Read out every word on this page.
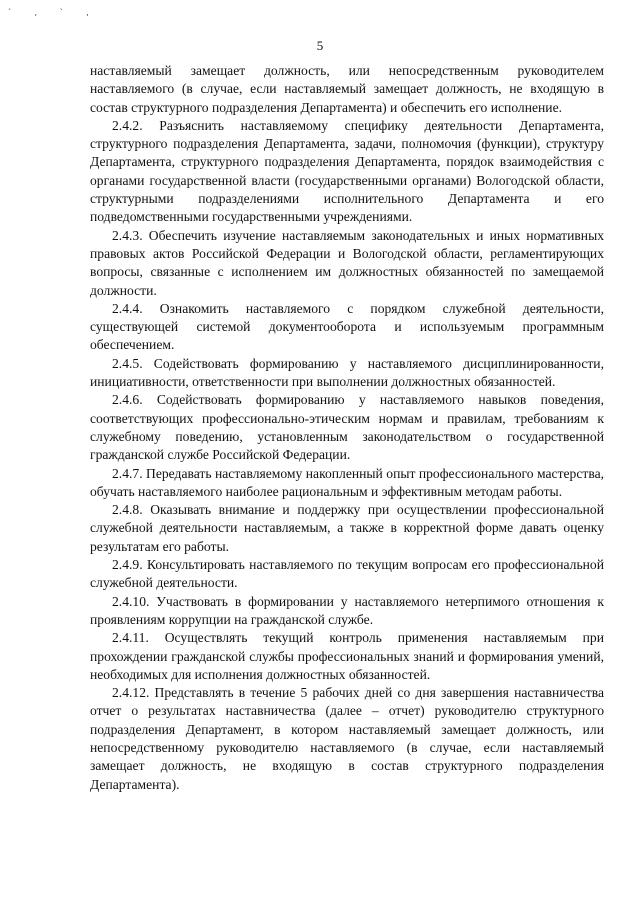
` , ` ,
5

наставляемый замещает должность, или непосредственным руководителем наставляемого (в случае, если наставляемый замещает должность, не входящую в состав структурного подразделения Департамента) и обеспечить его исполнение.

2.4.2. Разъяснить наставляемому специфику деятельности Департамента, структурного подразделения Департамента, задачи, полномочия (функции), структуру Департамента, структурного подразделения Департамента, порядок взаимодействия с органами государственной власти (государственными органами) Вологодской области, структурными подразделениями исполнительного Департамента и его подведомственными государственными учреждениями.

2.4.3. Обеспечить изучение наставляемым законодательных и иных нормативных правовых актов Российской Федерации и Вологодской области, регламентирующих вопросы, связанные с исполнением им должностных обязанностей по замещаемой должности.

2.4.4. Ознакомить наставляемого с порядком служебной деятельности, существующей системой документооборота и используемым программным обеспечением.

2.4.5. Содействовать формированию у наставляемого дисциплинированности, инициативности, ответственности при выполнении должностных обязанностей.

2.4.6. Содействовать формированию у наставляемого навыков поведения, соответствующих профессионально-этическим нормам и правилам, требованиям к служебному поведению, установленным законодательством о государственной гражданской службе Российской Федерации.

2.4.7. Передавать наставляемому накопленный опыт профессионального мастерства, обучать наставляемого наиболее рациональным и эффективным методам работы.

2.4.8. Оказывать внимание и поддержку при осуществлении профессиональной служебной деятельности наставляемым, а также в корректной форме давать оценку результатам его работы.

2.4.9. Консультировать наставляемого по текущим вопросам его профессиональной служебной деятельности.

2.4.10. Участвовать в формировании у наставляемого нетерпимого отношения к проявлениям коррупции на гражданской службе.

2.4.11. Осуществлять текущий контроль применения наставляемым при прохождении гражданской службы профессиональных знаний и формирования умений, необходимых для исполнения должностных обязанностей.

2.4.12. Представлять в течение 5 рабочих дней со дня завершения наставничества отчет о результатах наставничества (далее – отчет) руководителю структурного подразделения Департамент, в котором наставляемый замещает должность, или непосредственному руководителю наставляемого (в случае, если наставляемый замещает должность, не входящую в состав структурного подразделения Департамента).
